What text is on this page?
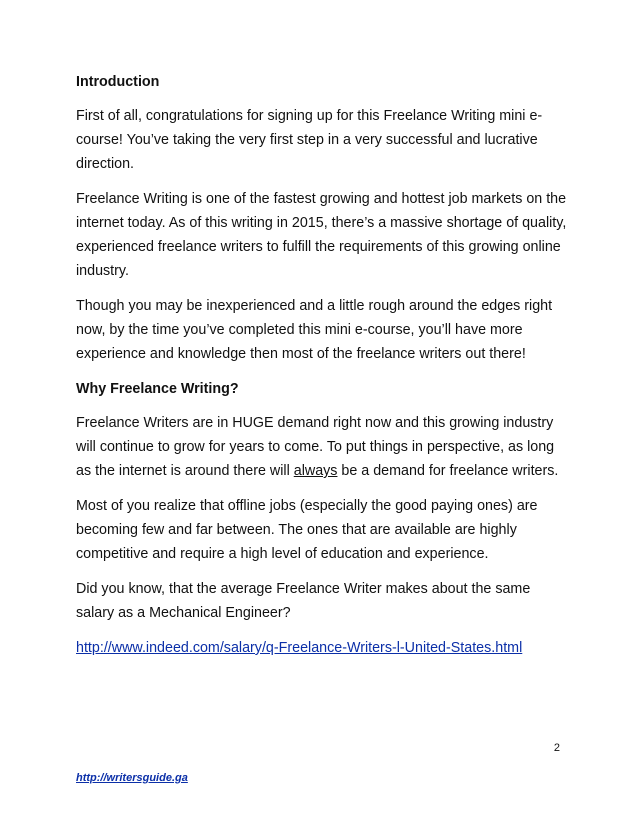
Introduction

First of all, congratulations for signing up for this Freelance Writing mini e-course! You’ve taking the very first step in a very successful and lucrative direction.

Freelance Writing is one of the fastest growing and hottest job markets on the internet today. As of this writing in 2015, there’s a massive shortage of quality, experienced freelance writers to fulfill the requirements of this growing online industry.

Though you may be inexperienced and a little rough around the edges right now, by the time you’ve completed this mini e-course, you’ll have more experience and knowledge then most of the freelance writers out there!

Why Freelance Writing?

Freelance Writers are in HUGE demand right now and this growing industry will continue to grow for years to come. To put things in perspective, as long as the internet is around there will always be a demand for freelance writers.

Most of you realize that offline jobs (especially the good paying ones) are becoming few and far between. The ones that are available are highly competitive and require a high level of education and experience.

Did you know, that the average Freelance Writer makes about the same salary as a Mechanical Engineer?

http://www.indeed.com/salary/q-Freelance-Writers-l-United-States.html
2
http://writersguide.ga
